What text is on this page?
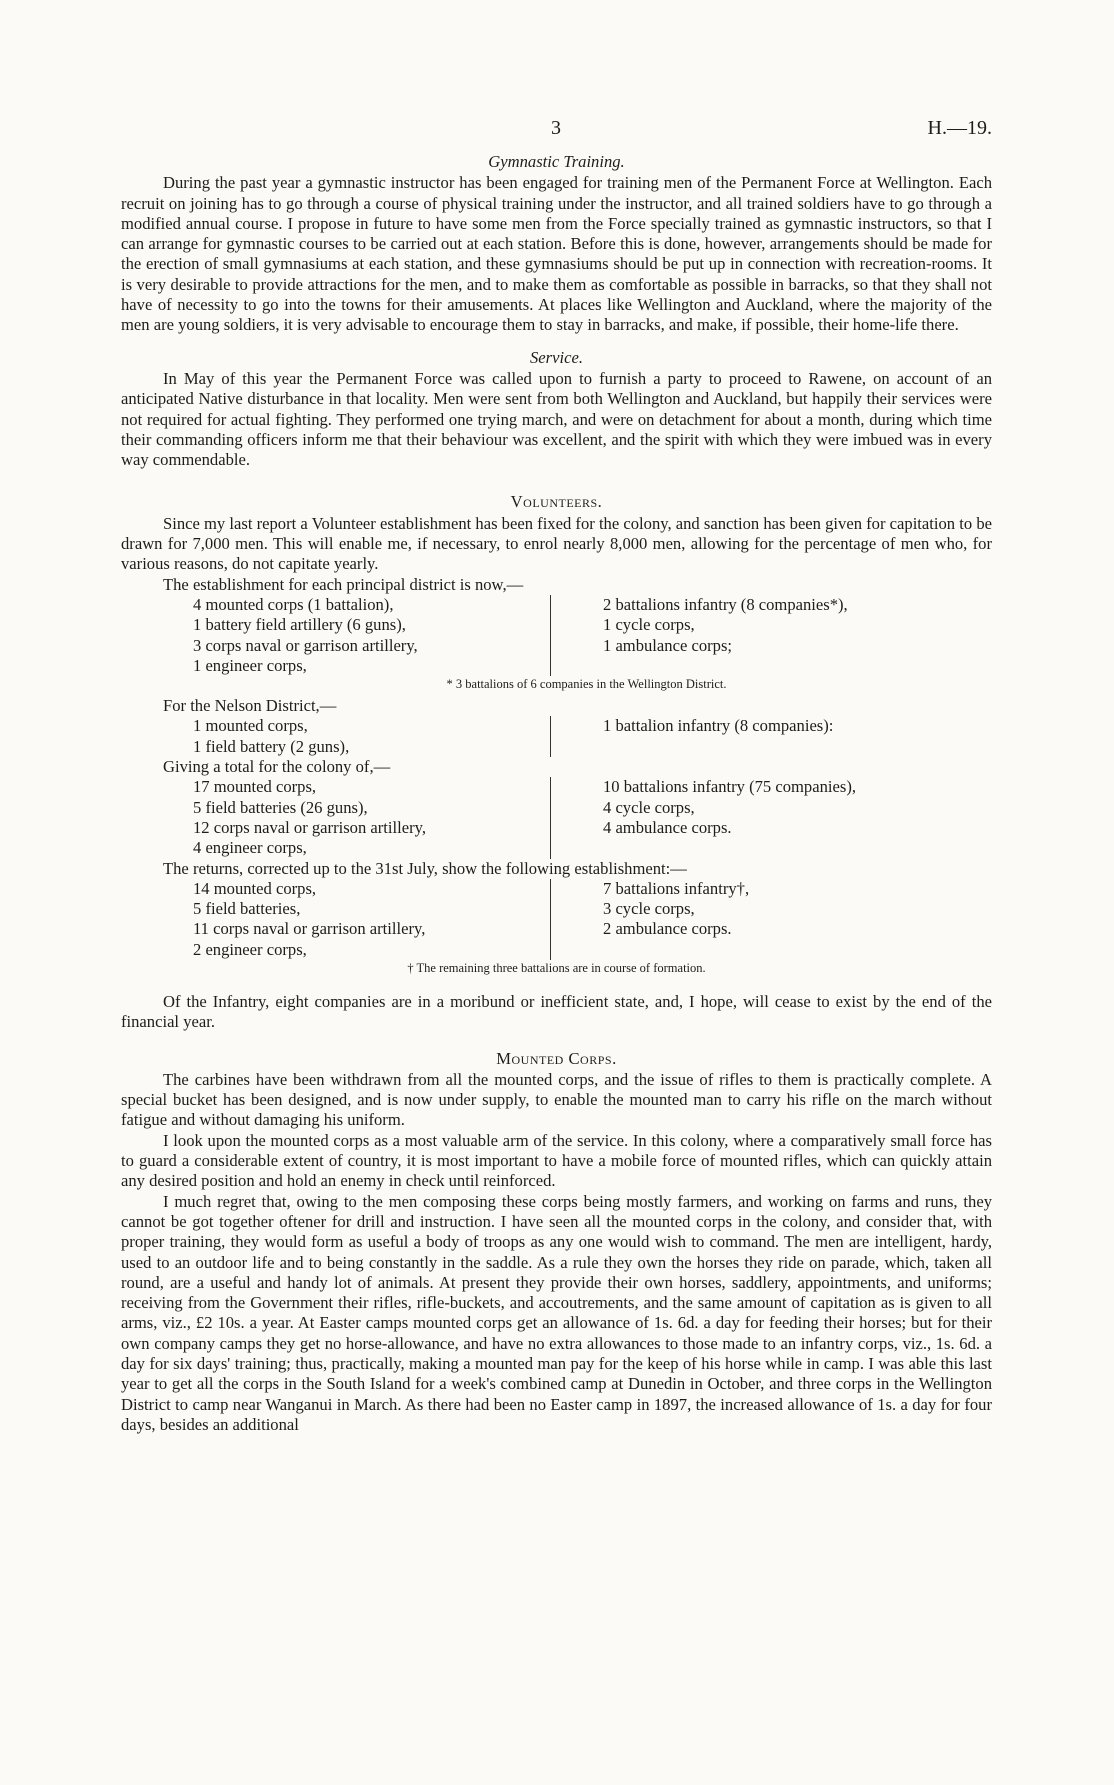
3	H.—19.
Gymnastic Training.

During the past year a gymnastic instructor has been engaged for training men of the Permanent Force at Wellington. Each recruit on joining has to go through a course of physical training under the instructor, and all trained soldiers have to go through a modified annual course. I propose in future to have some men from the Force specially trained as gymnastic instructors, so that I can arrange for gymnastic courses to be carried out at each station. Before this is done, however, arrangements should be made for the erection of small gymnasiums at each station, and these gymnasiums should be put up in connection with recreation-rooms. It is very desirable to provide attractions for the men, and to make them as comfortable as possible in barracks, so that they shall not have of necessity to go into the towns for their amusements. At places like Wellington and Auckland, where the majority of the men are young soldiers, it is very advisable to encourage them to stay in barracks, and make, if possible, their home-life there.

Service.

In May of this year the Permanent Force was called upon to furnish a party to proceed to Rawene, on account of an anticipated Native disturbance in that locality. Men were sent from both Wellington and Auckland, but happily their services were not required for actual fighting. They performed one trying march, and were on detachment for about a month, during which time their commanding officers inform me that their behaviour was excellent, and the spirit with which they were imbued was in every way commendable.

Volunteers.

Since my last report a Volunteer establishment has been fixed for the colony, and sanction has been given for capitation to be drawn for 7,000 men. This will enable me, if necessary, to enrol nearly 8,000 men, allowing for the percentage of men who, for various reasons, do not capitate yearly.

The establishment for each principal district is now,—
4 mounted corps (1 battalion),
1 battery field artillery (6 guns),
3 corps naval or garrison artillery,
1 engineer corps,
2 battalions infantry (8 companies*),
1 cycle corps,
1 ambulance corps;
* 3 battalions of 6 companies in the Wellington District.
For the Nelson District,—
1 mounted corps,
1 field battery (2 guns),
1 battalion infantry (8 companies):
Giving a total for the colony of,—
17 mounted corps,
5 field batteries (26 guns),
12 corps naval or garrison artillery,
4 engineer corps,
10 battalions infantry (75 companies),
4 cycle corps,
4 ambulance corps.
The returns, corrected up to the 31st July, show the following establishment:—
14 mounted corps,
5 field batteries,
11 corps naval or garrison artillery,
2 engineer corps,
7 battalions infantry†,
3 cycle corps,
2 ambulance corps.
† The remaining three battalions are in course of formation.

Of the Infantry, eight companies are in a moribund or inefficient state, and, I hope, will cease to exist by the end of the financial year.

Mounted Corps.

The carbines have been withdrawn from all the mounted corps, and the issue of rifles to them is practically complete. A special bucket has been designed, and is now under supply, to enable the mounted man to carry his rifle on the march without fatigue and without damaging his uniform.

I look upon the mounted corps as a most valuable arm of the service. In this colony, where a comparatively small force has to guard a considerable extent of country, it is most important to have a mobile force of mounted rifles, which can quickly attain any desired position and hold an enemy in check until reinforced.

I much regret that, owing to the men composing these corps being mostly farmers, and working on farms and runs, they cannot be got together oftener for drill and instruction. I have seen all the mounted corps in the colony, and consider that, with proper training, they would form as useful a body of troops as any one would wish to command. The men are intelligent, hardy, used to an outdoor life and to being constantly in the saddle. As a rule they own the horses they ride on parade, which, taken all round, are a useful and handy lot of animals. At present they provide their own horses, saddlery, appointments, and uniforms; receiving from the Government their rifles, rifle-buckets, and accoutrements, and the same amount of capitation as is given to all arms, viz., £2 10s. a year. At Easter camps mounted corps get an allowance of 1s. 6d. a day for feeding their horses; but for their own company camps they get no horse-allowance, and have no extra allowances to those made to an infantry corps, viz., 1s. 6d. a day for six days' training; thus, practically, making a mounted man pay for the keep of his horse while in camp. I was able this last year to get all the corps in the South Island for a week's combined camp at Dunedin in October, and three corps in the Wellington District to camp near Wanganui in March. As there had been no Easter camp in 1897, the increased allowance of 1s. a day for four days, besides an additional
